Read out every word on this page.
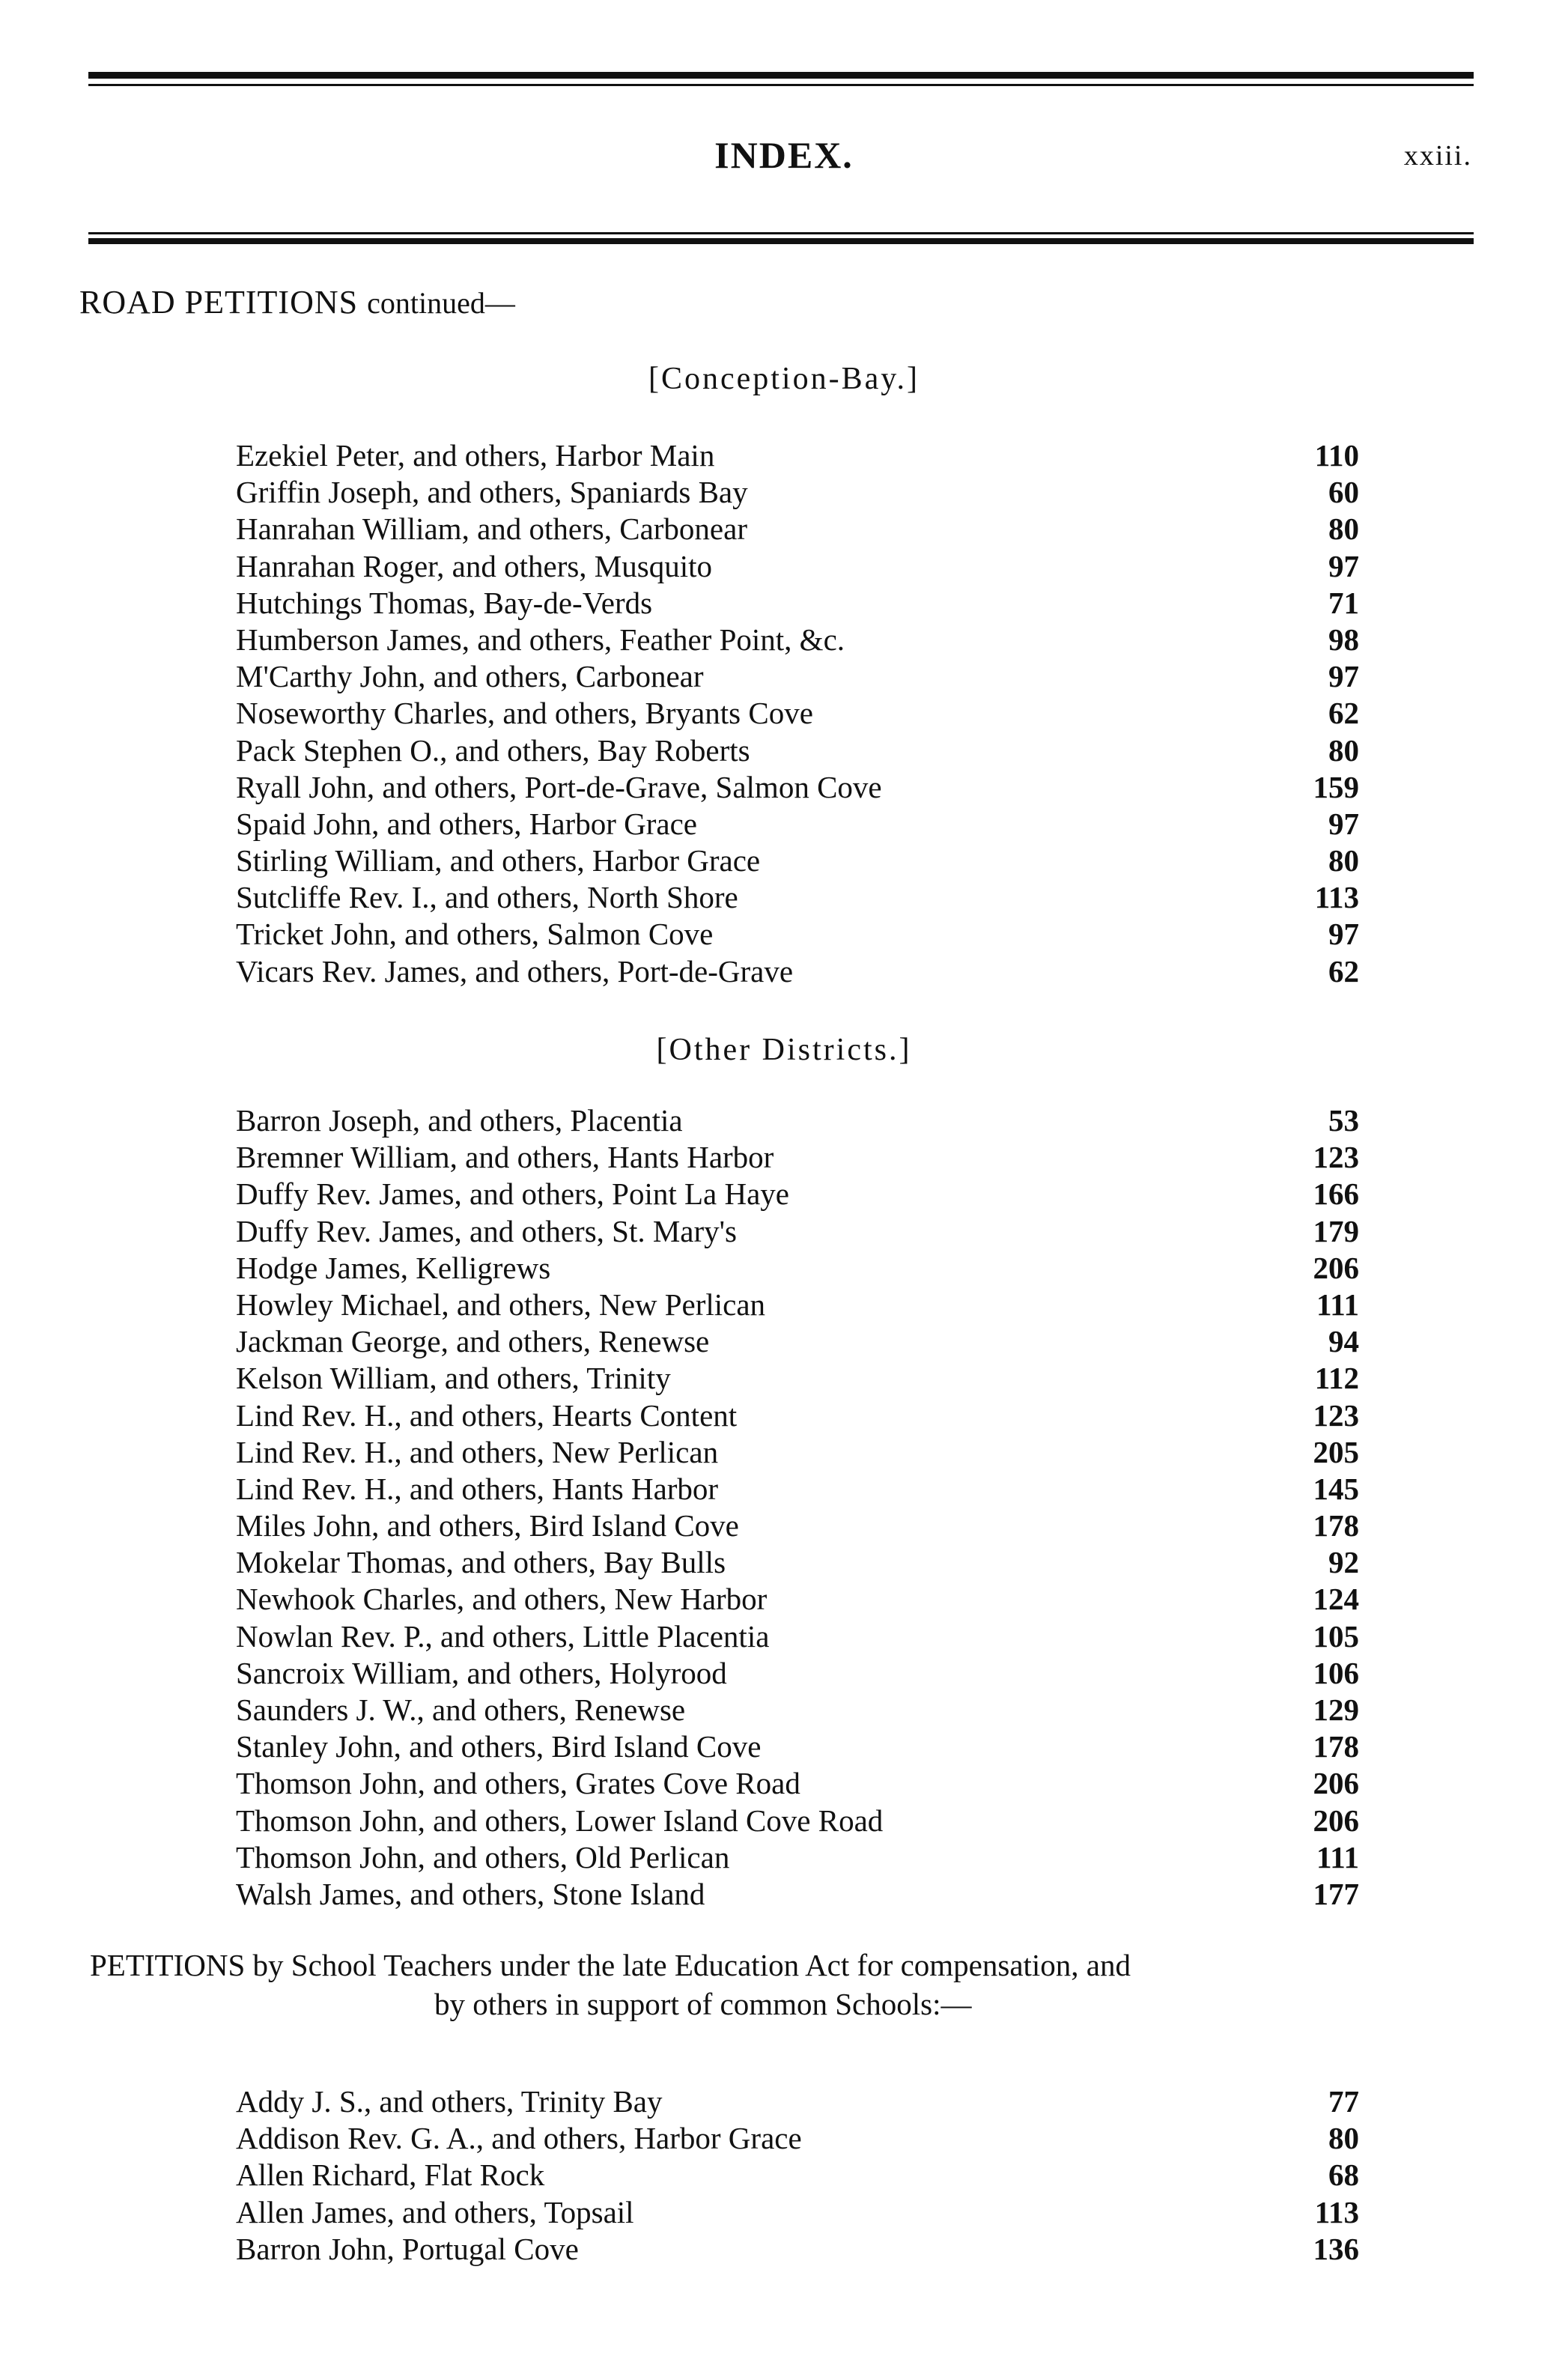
INDEX.	xxiii.
ROAD PETITIONS continued—
[Conception-Bay.]
Ezekiel Peter, and others, Harbor Main	110
Griffin Joseph, and others, Spaniards Bay	60
Hanrahan William, and others, Carbonear	80
Hanrahan Roger, and others, Musquito	97
Hutchings Thomas, Bay-de-Verds	71
Humberson James, and others, Feather Point, &c.	98
M'Carthy John, and others, Carbonear	97
Noseworthy Charles, and others, Bryants Cove	62
Pack Stephen O., and others, Bay Roberts	80
Ryall John, and others, Port-de-Grave, Salmon Cove	159
Spaid John, and others, Harbor Grace	97
Stirling William, and others, Harbor Grace	80
Sutcliffe Rev. I., and others, North Shore	113
Tricket John, and others, Salmon Cove	97
Vicars Rev. James, and others, Port-de-Grave	62
[Other Districts.]
Barron Joseph, and others, Placentia	53
Bremner William, and others, Hants Harbor	123
Duffy Rev. James, and others, Point La Haye	166
Duffy Rev. James, and others, St. Mary's	179
Hodge James, Kelligrews	206
Howley Michael, and others, New Perlican	111
Jackman George, and others, Renewse	94
Kelson William, and others, Trinity	112
Lind Rev. H., and others, Hearts Content	123
Lind Rev. H., and others, New Perlican	205
Lind Rev. H., and others, Hants Harbor	145
Miles John, and others, Bird Island Cove	178
Mokelar Thomas, and others, Bay Bulls	92
Newhook Charles, and others, New Harbor	124
Nowlan Rev. P., and others, Little Placentia	105
Sancroix William, and others, Holyrood	106
Saunders J. W., and others, Renewse	129
Stanley John, and others, Bird Island Cove	178
Thomson John, and others, Grates Cove Road	206
Thomson John, and others, Lower Island Cove Road	206
Thomson John, and others, Old Perlican	111
Walsh James, and others, Stone Island	177
PETITIONS by School Teachers under the late Education Act for compensation, and
by others in support of common Schools:—
Addy J. S., and others, Trinity Bay	77
Addison Rev. G. A., and others, Harbor Grace	80
Allen Richard, Flat Rock	68
Allen James, and others, Topsail	113
Barron John, Portugal Cove	136
